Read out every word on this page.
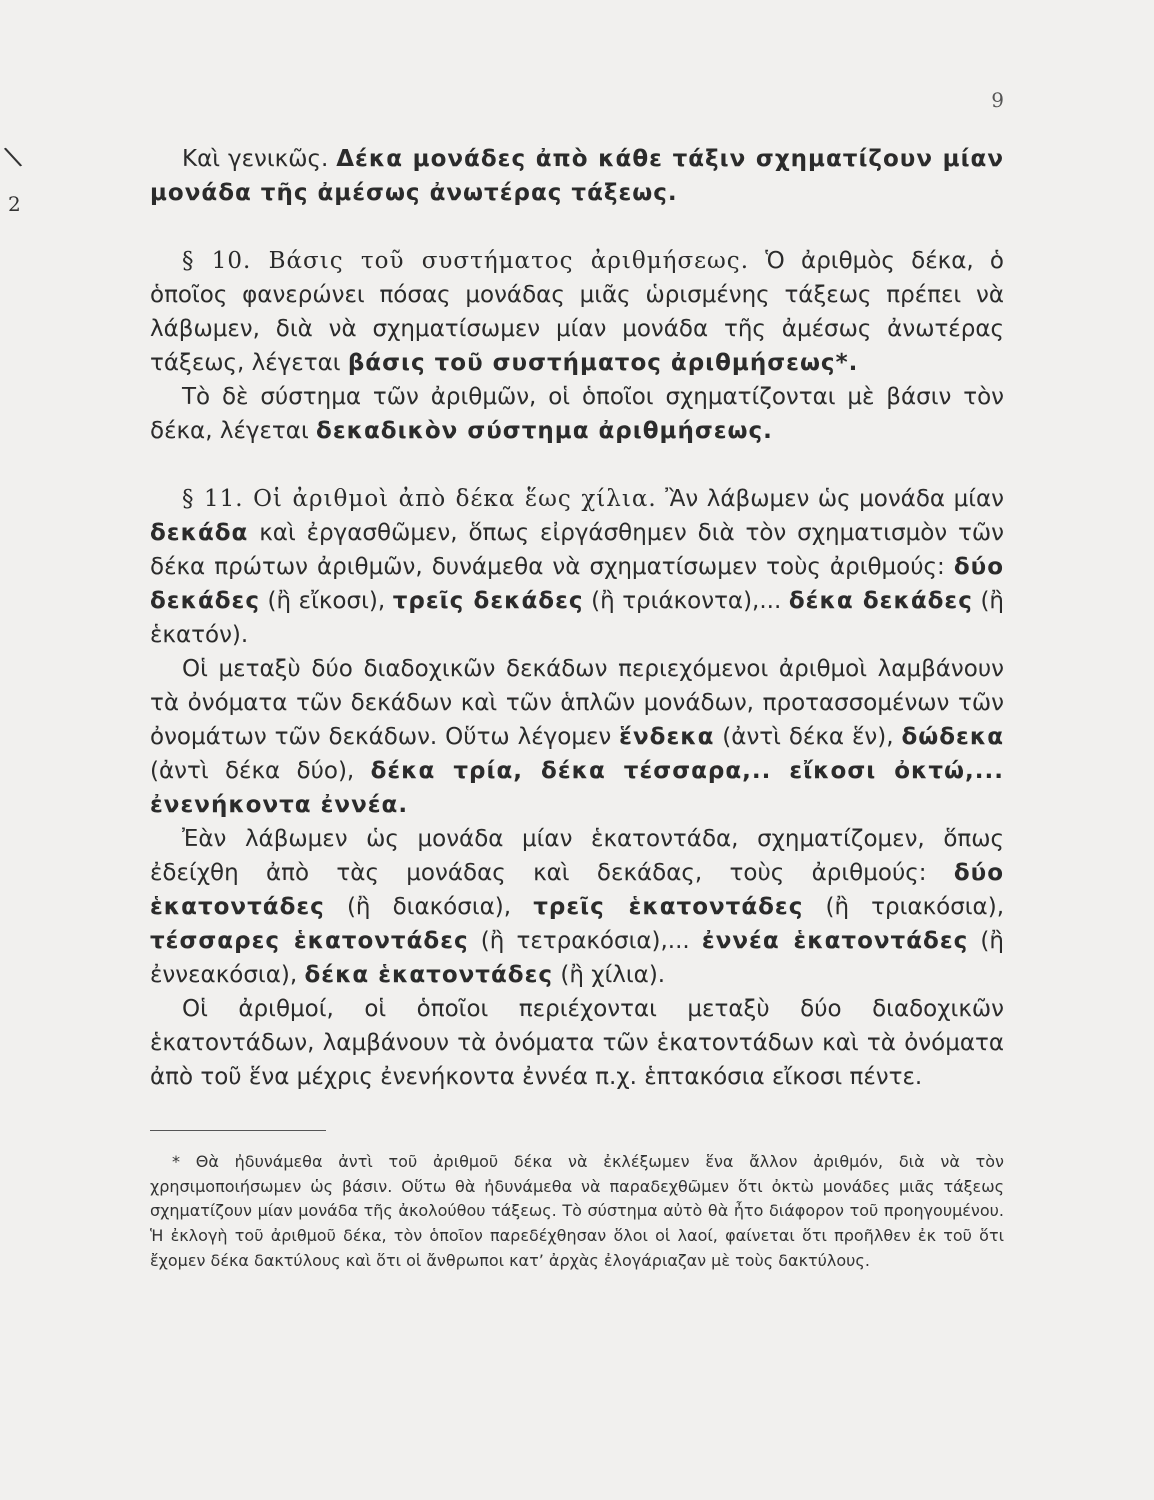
9
\
2

Καὶ γενικῶς. Δέκα μονάδες ἀπὸ κάθε τάξιν σχηματίζουν μίαν μονάδα τῆς ἀμέσως ἀνωτέρας τάξεως.

§ 10. Βάσις τοῦ συστήματος ἀριθμήσεως. Ὁ ἀριθμὸς δέκα, ὁ ὁποῖος φανερώνει πόσας μονάδας μιᾶς ὡρισμένης τάξεως πρέπει νὰ λάβωμεν, διὰ νὰ σχηματίσωμεν μίαν μονάδα τῆς ἀμέσως ἀνωτέρας τάξεως, λέγεται βάσις τοῦ συστήματος ἀριθμήσεως*.

Τὸ δὲ σύστημα τῶν ἀριθμῶν, οἱ ὁποῖοι σχηματίζονται μὲ βάσιν τὸν δέκα, λέγεται δεκαδικὸν σύστημα ἀριθμήσεως.

§ 11. Οἱ ἀριθμοὶ ἀπὸ δέκα ἕως χίλια. Ἂν λάβωμεν ὡς μονάδα μίαν δεκάδα καὶ ἐργασθῶμεν, ὅπως εἰργάσθημεν διὰ τὸν σχηματισμὸν τῶν δέκα πρώτων ἀριθμῶν, δυνάμεθα νὰ σχηματίσωμεν τοὺς ἀριθμούς: δύο δεκάδες (ἢ εἴκοσι), τρεῖς δεκάδες (ἢ τριάκοντα),... δέκα δεκάδες (ἢ ἑκατόν).

Οἱ μεταξὺ δύο διαδοχικῶν δεκάδων περιεχόμενοι ἀριθμοὶ λαμβάνουν τὰ ὀνόματα τῶν δεκάδων καὶ τῶν ἁπλῶν μονάδων, προτασσομένων τῶν ὀνομάτων τῶν δεκάδων. Οὕτω λέγομεν ἕνδεκα (ἀντὶ δέκα ἕν), δώδεκα (ἀντὶ δέκα δύο), δέκα τρία, δέκα τέσσαρα,.. εἴκοσι ὀκτώ,... ἐνενήκοντα ἐννέα.

Ἐὰν λάβωμεν ὡς μονάδα μίαν ἑκατοντάδα, σχηματίζομεν, ὅπως ἐδείχθη ἀπὸ τὰς μονάδας καὶ δεκάδας, τοὺς ἀριθμούς: δύο ἑκατοντάδες (ἢ διακόσια), τρεῖς ἑκατοντάδες (ἢ τριακόσια), τέσσαρες ἑκατοντάδες (ἢ τετρακόσια),... ἐννέα ἑκατοντάδες (ἢ ἐννεακόσια), δέκα ἑκατοντάδες (ἢ χίλια).

Οἱ ἀριθμοί, οἱ ὁποῖοι περιέχονται μεταξὺ δύο διαδοχικῶν ἑκατοντάδων, λαμβάνουν τὰ ὀνόματα τῶν ἑκατοντάδων καὶ τὰ ὀνόματα ἀπὸ τοῦ ἕνα μέχρις ἐνενήκοντα ἐννέα π.χ. ἑπτακόσια εἴκοσι πέντε.

* Θὰ ἠδυνάμεθα ἀντὶ τοῦ ἀριθμοῦ δέκα νὰ ἐκλέξωμεν ἕνα ἄλλον ἀριθμόν, διὰ νὰ τὸν χρησιμοποιήσωμεν ὡς βάσιν. Οὕτω θὰ ἠδυνάμεθα νὰ παραδεχθῶμεν ὅτι ὀκτὼ μονάδες μιᾶς τάξεως σχηματίζουν μίαν μονάδα τῆς ἀκολούθου τάξεως. Τὸ σύστημα αὐτὸ θὰ ἦτο διάφορον τοῦ προηγουμένου. Ἡ ἐκλογὴ τοῦ ἀριθμοῦ δέκα, τὸν ὁποῖον παρεδέχθησαν ὅλοι οἱ λαοί, φαίνεται ὅτι προῆλθεν ἐκ τοῦ ὅτι ἔχομεν δέκα δακτύλους καὶ ὅτι οἱ ἄνθρωποι κατ’ ἀρχὰς ἐλογάριαζαν μὲ τοὺς δακτύλους.
